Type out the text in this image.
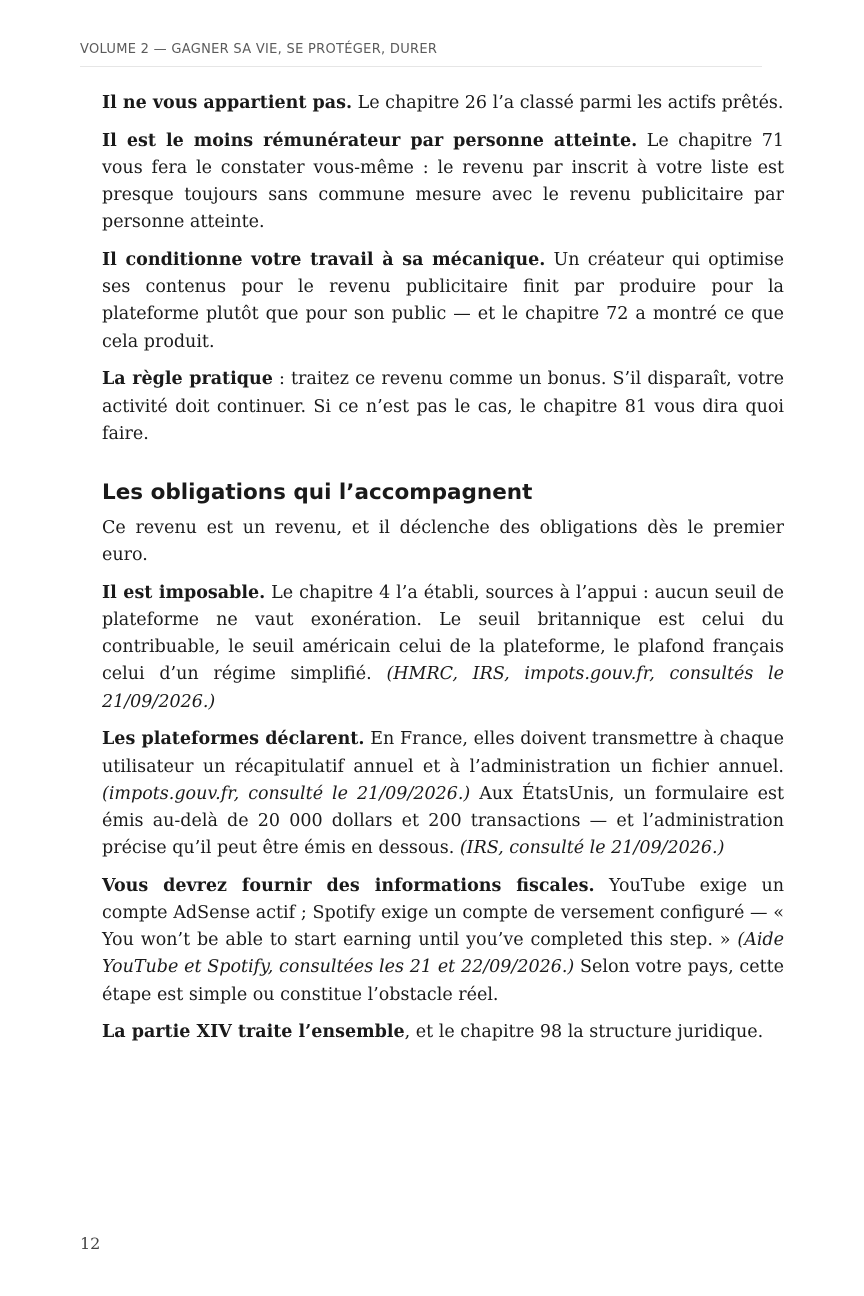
VOLUME 2 — GAGNER SA VIE, SE PROTÉGER, DURER

Il ne vous appartient pas. Le chapitre 26 l’a classé parmi les actifs prêtés.

Il est le moins rémunérateur par personne atteinte. Le chapitre 71 vous fera le constater vous-même : le revenu par inscrit à votre liste est presque toujours sans commune mesure avec le revenu publicitaire par personne atteinte.

Il conditionne votre travail à sa mécanique. Un créateur qui optimise ses contenus pour le revenu publicitaire finit par produire pour la plateforme plutôt que pour son public — et le chapitre 72 a montré ce que cela produit.

La règle pratique : traitez ce revenu comme un bonus. S’il disparaît, votre activité doit continuer. Si ce n’est pas le cas, le chapitre 81 vous dira quoi faire.

Les obligations qui l’accompagnent

Ce revenu est un revenu, et il déclenche des obligations dès le premier euro.

Il est imposable. Le chapitre 4 l’a établi, sources à l’appui : aucun seuil de plateforme ne vaut exonération. Le seuil britannique est celui du contribuable, le seuil américain celui de la plateforme, le plafond français celui d’un régime simplifié. (HMRC, IRS, impots.gouv.fr, consultés le 21/09/2026.)

Les plateformes déclarent. En France, elles doivent transmettre à chaque utilisateur un récapitulatif annuel et à l’administration un fichier annuel. (impots.gouv.fr, consulté le 21/09/2026.) Aux ÉtatsUnis, un formulaire est émis au-delà de 20 000 dollars et 200 transactions — et l’administration précise qu’il peut être émis en dessous. (IRS, consulté le 21/09/2026.)

Vous devrez fournir des informations fiscales. YouTube exige un compte AdSense actif ; Spotify exige un compte de versement configuré — « You won’t be able to start earning until you’ve completed this step. » (Aide YouTube et Spotify, consultées les 21 et 22/09/2026.) Selon votre pays, cette étape est simple ou constitue l’obstacle réel.

La partie XIV traite l’ensemble, et le chapitre 98 la structure juridique.

12
